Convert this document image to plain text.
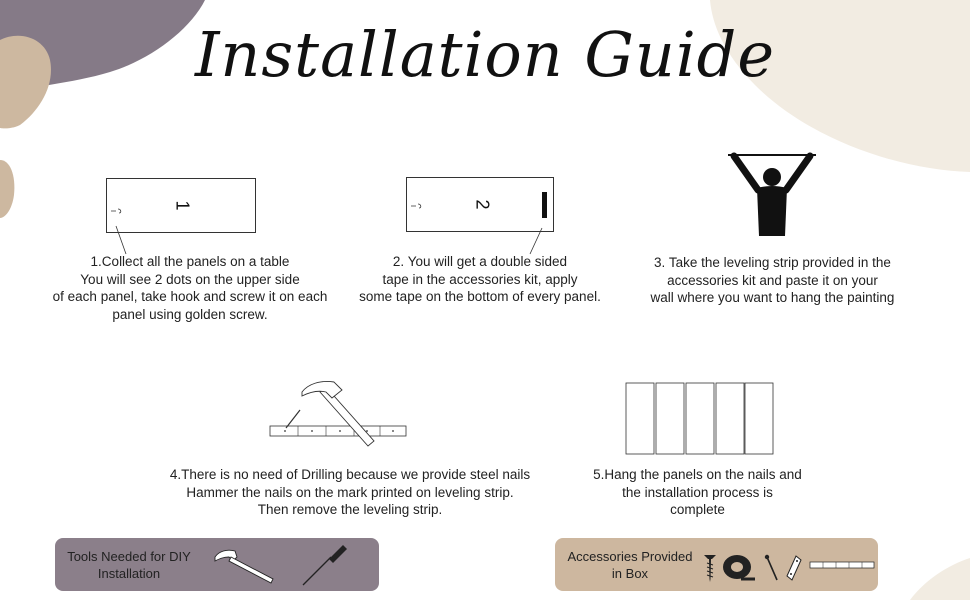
Installation Guide
1
1.Collect all the panels on a table
You will see 2 dots on the upper side
of each panel, take hook and screw it on each
panel using golden screw.
2
2. You will get a double sided
tape in the accessories kit, apply
some tape on the bottom of every panel.
3. Take the leveling strip provided in the
accessories kit and paste it on your
wall where you want to hang the painting
4.There is no need of Drilling because we provide steel nails
Hammer the nails on the mark printed on leveling strip.
Then remove the leveling strip.
5.Hang the panels on the nails and
the installation process is
complete
Tools Needed for DIY
Installation
Accessories Provided
in Box
